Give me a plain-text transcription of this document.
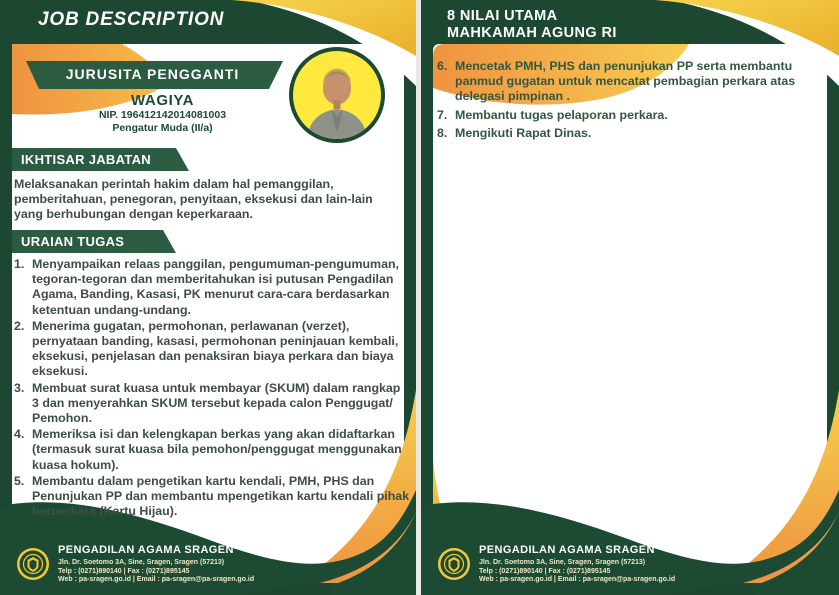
JOB DESCRIPTION
JURUSITA PENGGANTI
WAGIYA
NIP. 196412142014081003
Pengatur Muda (II/a)
IKHTISAR JABATAN
Melaksanakan perintah hakim dalam hal pemanggilan, pemberitahuan, penegoran, penyitaan, eksekusi dan lain-lain yang berhubungan dengan keperkaraan.
URAIAN TUGAS
1. Menyampaikan relaas panggilan, pengumuman-pengumuman, tegoran-tegoran dan memberitahukan isi putusan Pengadilan Agama, Banding, Kasasi, PK menurut cara-cara berdasarkan ketentuan undang-undang.
2. Menerima gugatan, permohonan, perlawanan (verzet), pernyataan banding, kasasi, permohonan peninjauan kembali, eksekusi, penjelasan dan penaksiran biaya perkara dan biaya eksekusi.
3. Membuat surat kuasa untuk membayar (SKUM) dalam rangkap 3 dan menyerahkan SKUM tersebut kepada calon Penggugat/ Pemohon.
4. Memeriksa isi dan kelengkapan berkas yang akan didaftarkan (termasuk surat kuasa bila pemohon/penggugat menggunakan kuasa hokum).
5. Membantu dalam pengetikan kartu kendali, PMH, PHS dan Penunjukan PP dan membantu mpengetikan kartu kendali pihak berperkara (Kartu Hijau).
PENGADILAN AGAMA SRAGEN
Jln. Dr. Soetomo 3A, Sine, Sragen, Sragen (57213)
Telp : (0271)890140 | Fax : (0271)895145
Web : pa-sragen.go.id | Email : pa-sragen@pa-sragen.go.id
8 NILAI UTAMA
MAHKAMAH AGUNG RI
6. Mencetak PMH, PHS dan penunjukan PP serta membantu panmud gugatan untuk mencatat pembagian perkara atas delegasi pimpinan .
7. Membantu tugas pelaporan perkara.
8. Mengikuti Rapat Dinas.
PENGADILAN AGAMA SRAGEN
Jln. Dr. Soetomo 3A, Sine, Sragen, Sragen (57213)
Telp : (0271)890140 | Fax : (0271)895145
Web : pa-sragen.go.id | Email : pa-sragen@pa-sragen.go.id
